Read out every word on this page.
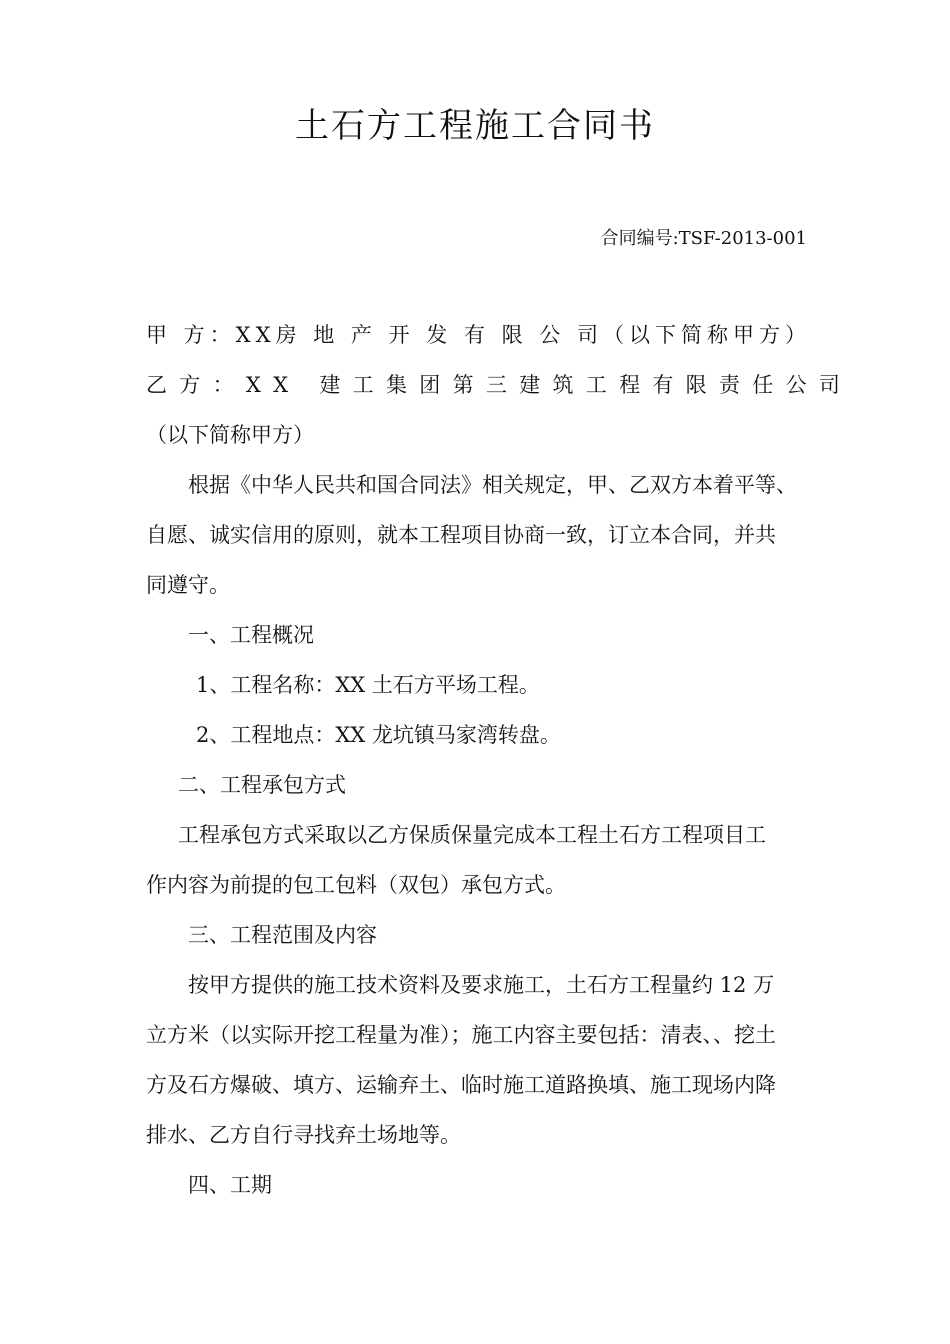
土石方工程施工合同书
合同编号:TSF-2013-001
甲 方：XX房 地 产 开 发 有 限 公 司（以下简称甲方）
乙方：XX 建工集团第三建筑工程有限责任公司
（以下简称甲方）
根据《中华人民共和国合同法》相关规定，甲、乙双方本着平等、
自愿、诚实信用的原则，就本工程项目协商一致，订立本合同，并共
同遵守。
一、工程概况
1、工程名称：XX 土石方平场工程。
2、工程地点：XX 龙坑镇马家湾转盘。
二、工程承包方式
工程承包方式采取以乙方保质保量完成本工程土石方工程项目工
作内容为前提的包工包料（双包）承包方式。
三、工程范围及内容
按甲方提供的施工技术资料及要求施工，土石方工程量约 12 万
立方米（以实际开挖工程量为准）；施工内容主要包括：清表、、挖土
方及石方爆破、填方、运输弃土、临时施工道路换填、施工现场内降
排水、乙方自行寻找弃土场地等。
四、工期
